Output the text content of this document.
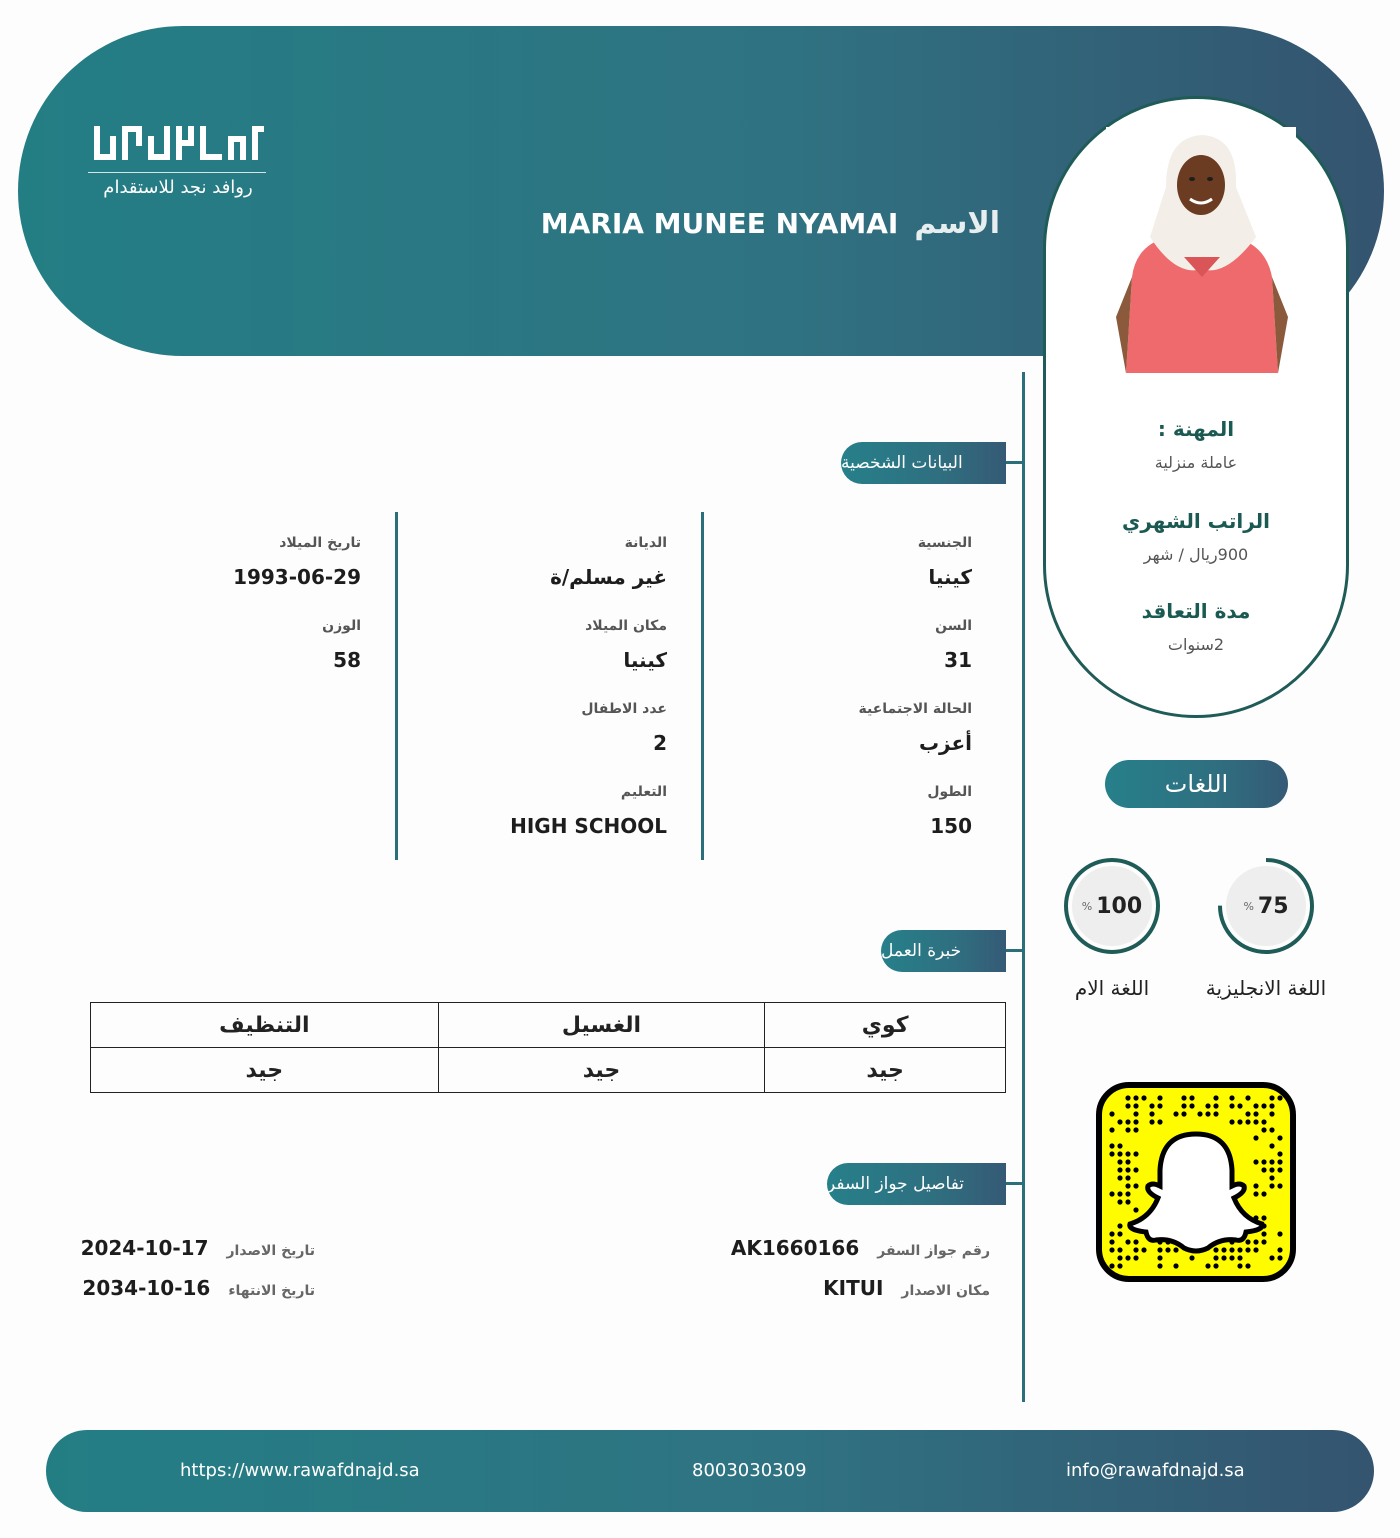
روافد نجد للاستقدام
الاسم
MARIA MUNEE NYAMAI
المهنة :
عاملة منزلية
الراتب الشهري
900ريال / شهر
مدة التعاقد
2سنوات
البيانات الشخصية
الجنسية
كينيا
السن
31
الحالة الاجتماعية
أعزب
الطول
150
الديانة
غير مسلم/ة
مكان الميلاد
كينيا
عدد الاطفال
2
التعليم
HIGH SCHOOL
تاريخ الميلاد
1993-06-29
الوزن
58
خبرة العمل
كوي	الغسيل	التنظيف
جيد	جيد	جيد
تفاصيل جواز السفر
رقم جواز السفر
AK1660166
مكان الاصدار
KITUI
تاريخ الاصدار
2024-10-17
تاريخ الانتهاء
2034-10-16
اللغات
% 75
اللغة الانجليزية
% 100
اللغة الام
https://www.rawafdnajd.sa	8003030309	info@rawafdnajd.sa
